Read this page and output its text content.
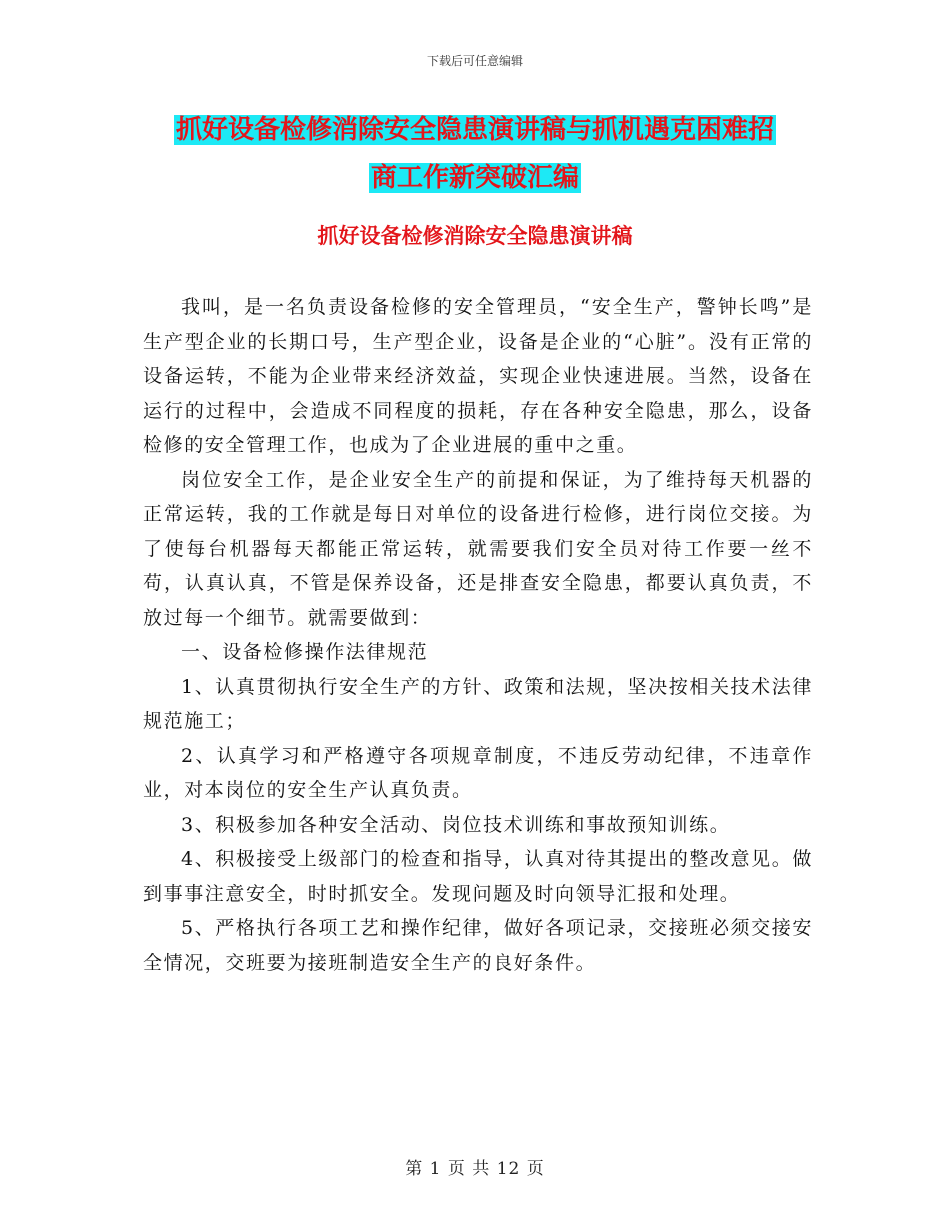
下载后可任意编辑
抓好设备检修消除安全隐患演讲稿与抓机遇克困难招
商工作新突破汇编
抓好设备检修消除安全隐患演讲稿

我叫，是一名负责设备检修的安全管理员，“安全生产，警钟长鸣”是生产型企业的长期口号，生产型企业，设备是企业的“心脏”。没有正常的设备运转，不能为企业带来经济效益，实现企业快速进展。当然，设备在运行的过程中，会造成不同程度的损耗，存在各种安全隐患，那么，设备检修的安全管理工作，也成为了企业进展的重中之重。

岗位安全工作，是企业安全生产的前提和保证，为了维持每天机器的正常运转，我的工作就是每日对单位的设备进行检修，进行岗位交接。为了使每台机器每天都能正常运转，就需要我们安全员对待工作要一丝不苟，认真认真，不管是保养设备，还是排查安全隐患，都要认真负责，不放过每一个细节。就需要做到：

一、设备检修操作法律规范

1、认真贯彻执行安全生产的方针、政策和法规，坚决按相关技术法律规范施工；

2、认真学习和严格遵守各项规章制度，不违反劳动纪律，不违章作业，对本岗位的安全生产认真负责。

3、积极参加各种安全活动、岗位技术训练和事故预知训练。

4、积极接受上级部门的检查和指导，认真对待其提出的整改意见。做到事事注意安全，时时抓安全。发现问题及时向领导汇报和处理。

5、严格执行各项工艺和操作纪律，做好各项记录，交接班必须交接安全情况，交班要为接班制造安全生产的良好条件。

第 1 页 共 12 页
